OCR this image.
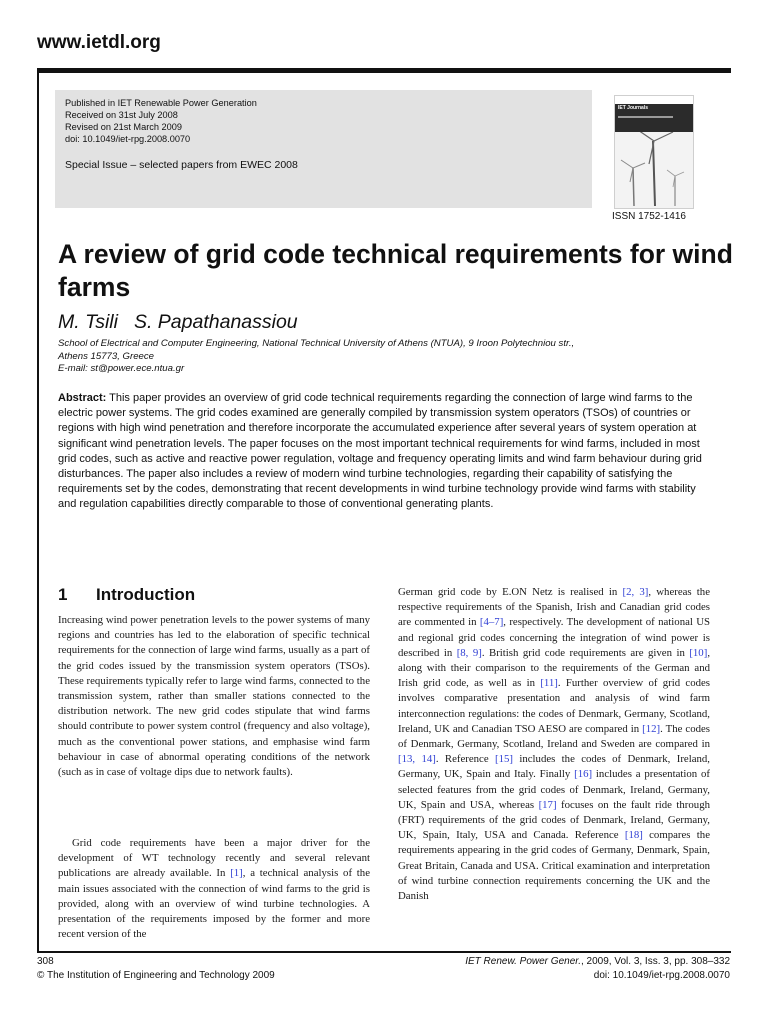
www.ietdl.org
Published in IET Renewable Power Generation
Received on 31st July 2008
Revised on 21st March 2009
doi: 10.1049/iet-rpg.2008.0070
Special Issue – selected papers from EWEC 2008
IET Journals
ISSN 1752-1416
A review of grid code technical requirements for wind farms
M. Tsili S. Papathanassiou
School of Electrical and Computer Engineering, National Technical University of Athens (NTUA), 9 Iroon Polytechniou str.,
Athens 15773, Greece
E-mail: st@power.ece.ntua.gr

Abstract: This paper provides an overview of grid code technical requirements regarding the connection of large wind farms to the electric power systems. The grid codes examined are generally compiled by transmission system operators (TSOs) of countries or regions with high wind penetration and therefore incorporate the accumulated experience after several years of system operation at significant wind penetration levels. The paper focuses on the most important technical requirements for wind farms, included in most grid codes, such as active and reactive power regulation, voltage and frequency operating limits and wind farm behaviour during grid disturbances. The paper also includes a review of modern wind turbine technologies, regarding their capability of satisfying the requirements set by the codes, demonstrating that recent developments in wind turbine technology provide wind farms with stability and regulation capabilities directly comparable to those of conventional generating plants.

1 Introduction

Increasing wind power penetration levels to the power systems of many regions and countries has led to the elaboration of specific technical requirements for the connection of large wind farms, usually as a part of the grid codes issued by the transmission system operators (TSOs). These requirements typically refer to large wind farms, connected to the transmission system, rather than smaller stations connected to the distribution network. The new grid codes stipulate that wind farms should contribute to power system control (frequency and also voltage), much as the conventional power stations, and emphasise wind farm behaviour in case of abnormal operating conditions of the network (such as in case of voltage dips due to network faults).

Grid code requirements have been a major driver for the development of WT technology recently and several relevant publications are already available. In [1], a technical analysis of the main issues associated with the connection of wind farms to the grid is provided, along with an overview of wind turbine technologies. A presentation of the requirements imposed by the former and more recent version of the

German grid code by E.ON Netz is realised in [2, 3], whereas the respective requirements of the Spanish, Irish and Canadian grid codes are commented in [4–7], respectively. The development of national US and regional grid codes concerning the integration of wind power is described in [8, 9]. British grid code requirements are given in [10], along with their comparison to the requirements of the German and Irish grid code, as well as in [11]. Further overview of grid codes involves comparative presentation and analysis of wind farm interconnection regulations: the codes of Denmark, Germany, Scotland, Ireland, UK and Canadian TSO AESO are compared in [12]. The codes of Denmark, Germany, Scotland, Ireland and Sweden are compared in [13, 14]. Reference [15] includes the codes of Denmark, Ireland, Germany, UK, Spain and Italy. Finally [16] includes a presentation of selected features from the grid codes of Denmark, Ireland, Germany, UK, Spain and USA, whereas [17] focuses on the fault ride through (FRT) requirements of the grid codes of Denmark, Ireland, Germany, UK, Spain, Italy, USA and Canada. Reference [18] compares the requirements appearing in the grid codes of Germany, Denmark, Spain, Great Britain, Canada and USA. Critical examination and interpretation of wind turbine connection requirements concerning the UK and the Danish

308
© The Institution of Engineering and Technology 2009
IET Renew. Power Gener., 2009, Vol. 3, Iss. 3, pp. 308–332
doi: 10.1049/iet-rpg.2008.0070
